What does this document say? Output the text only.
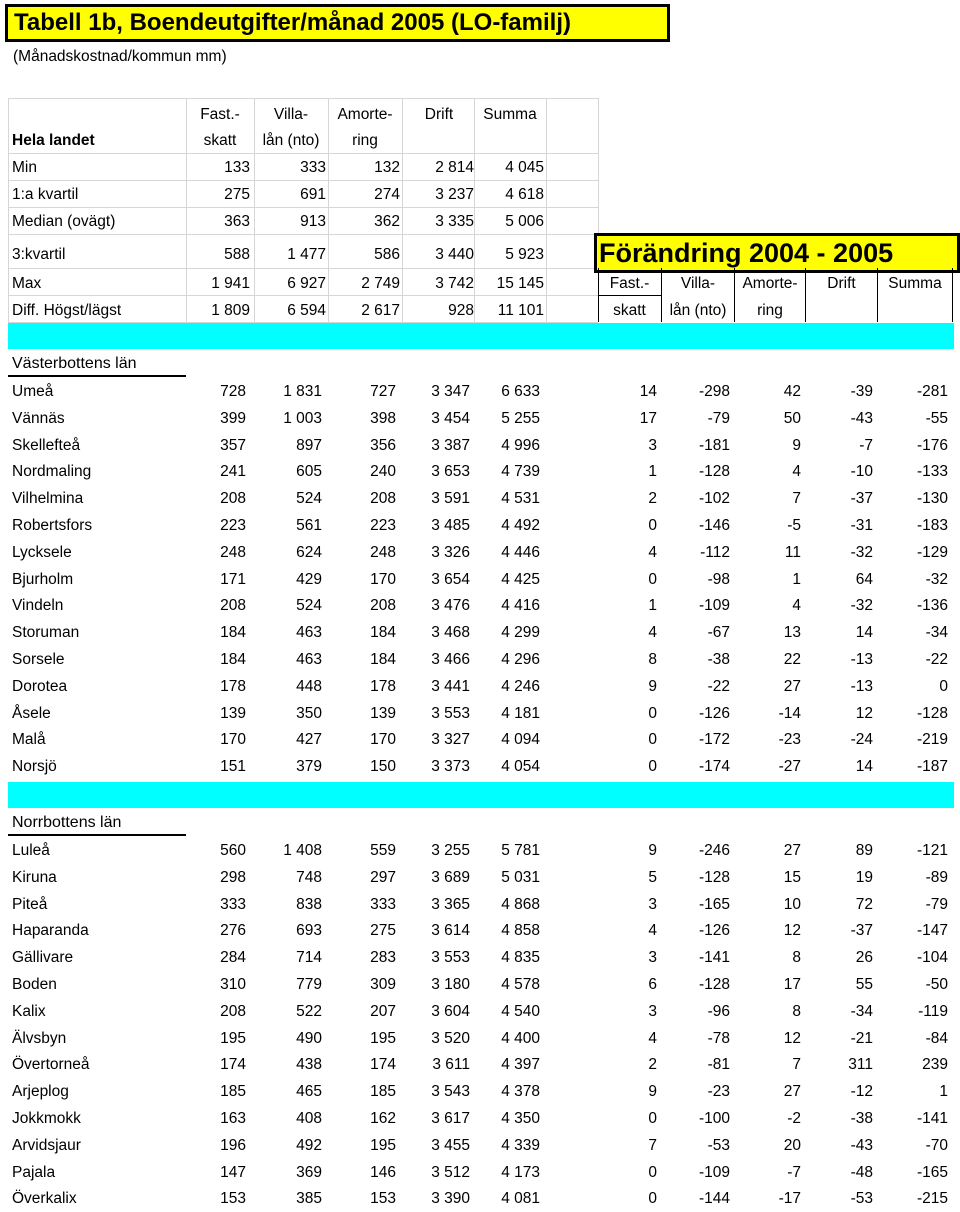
Tabell 1b, Boendeutgifter/månad 2005 (LO-familj)
(Månadskostnad/kommun mm)
Fast.-	Villa-	Amorte-	Drift	Summa
Hela landet	skatt	lån (nto)	ring
Min	133	333	132	2 814	4 045
1:a kvartil	275	691	274	3 237	4 618
Median (ovägt)	363	913	362	3 335	5 006
3:kvartil	588	1 477	586	3 440	5 923
Max	1 941	6 927	2 749	3 742	15 145
Diff. Högst/lägst	1 809	6 594	2 617	928	11 101
Förändring 2004 - 2005
Fast.-	Villa-	Amorte-	Drift	Summa
skatt	lån (nto)	ring
Västerbottens län
Umeå	728	1 831	727	3 347	6 633	14	-298	42	-39	-281
Vännäs	399	1 003	398	3 454	5 255	17	-79	50	-43	-55
Skellefteå	357	897	356	3 387	4 996	3	-181	9	-7	-176
Nordmaling	241	605	240	3 653	4 739	1	-128	4	-10	-133
Vilhelmina	208	524	208	3 591	4 531	2	-102	7	-37	-130
Robertsfors	223	561	223	3 485	4 492	0	-146	-5	-31	-183
Lycksele	248	624	248	3 326	4 446	4	-112	11	-32	-129
Bjurholm	171	429	170	3 654	4 425	0	-98	1	64	-32
Vindeln	208	524	208	3 476	4 416	1	-109	4	-32	-136
Storuman	184	463	184	3 468	4 299	4	-67	13	14	-34
Sorsele	184	463	184	3 466	4 296	8	-38	22	-13	-22
Dorotea	178	448	178	3 441	4 246	9	-22	27	-13	0
Åsele	139	350	139	3 553	4 181	0	-126	-14	12	-128
Malå	170	427	170	3 327	4 094	0	-172	-23	-24	-219
Norsjö	151	379	150	3 373	4 054	0	-174	-27	14	-187
Norrbottens län
Luleå	560	1 408	559	3 255	5 781	9	-246	27	89	-121
Kiruna	298	748	297	3 689	5 031	5	-128	15	19	-89
Piteå	333	838	333	3 365	4 868	3	-165	10	72	-79
Haparanda	276	693	275	3 614	4 858	4	-126	12	-37	-147
Gällivare	284	714	283	3 553	4 835	3	-141	8	26	-104
Boden	310	779	309	3 180	4 578	6	-128	17	55	-50
Kalix	208	522	207	3 604	4 540	3	-96	8	-34	-119
Älvsbyn	195	490	195	3 520	4 400	4	-78	12	-21	-84
Övertorneå	174	438	174	3 611	4 397	2	-81	7	311	239
Arjeplog	185	465	185	3 543	4 378	9	-23	27	-12	1
Jokkmokk	163	408	162	3 617	4 350	0	-100	-2	-38	-141
Arvidsjaur	196	492	195	3 455	4 339	7	-53	20	-43	-70
Pajala	147	369	146	3 512	4 173	0	-109	-7	-48	-165
Överkalix	153	385	153	3 390	4 081	0	-144	-17	-53	-215
